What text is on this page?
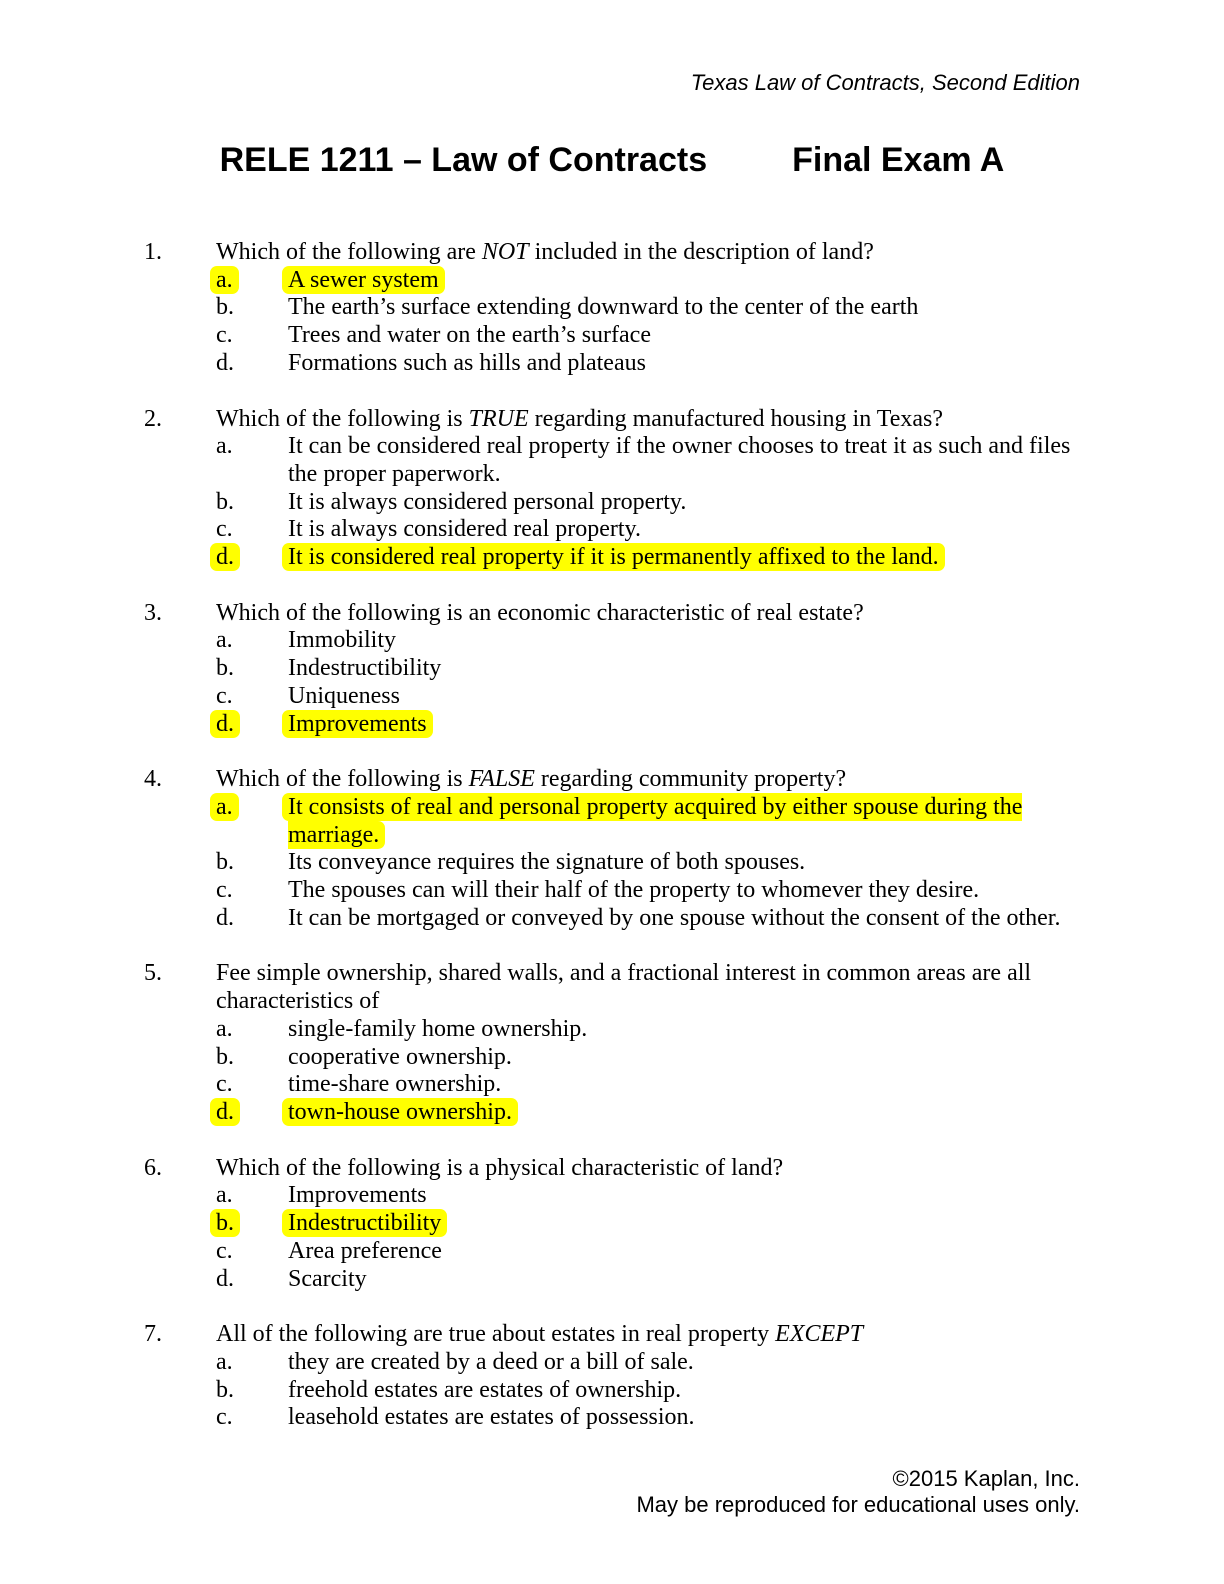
Texas Law of Contracts, Second Edition
RELE 1211 – Law of Contracts	Final Exam A
1.	Which of the following are NOT included in the description of land?
a.	A sewer system
b.	The earth’s surface extending downward to the center of the earth
c.	Trees and water on the earth’s surface
d.	Formations such as hills and plateaus
2.	Which of the following is TRUE regarding manufactured housing in Texas?
a.	It can be considered real property if the owner chooses to treat it as such and files the proper paperwork.
b.	It is always considered personal property.
c.	It is always considered real property.
d.	It is considered real property if it is permanently affixed to the land.
3.	Which of the following is an economic characteristic of real estate?
a.	Immobility
b.	Indestructibility
c.	Uniqueness
d.	Improvements
4.	Which of the following is FALSE regarding community property?
a.	It consists of real and personal property acquired by either spouse during the marriage.
b.	Its conveyance requires the signature of both spouses.
c.	The spouses can will their half of the property to whomever they desire.
d.	It can be mortgaged or conveyed by one spouse without the consent of the other.
5.	Fee simple ownership, shared walls, and a fractional interest in common areas are all characteristics of
a.	single-family home ownership.
b.	cooperative ownership.
c.	time-share ownership.
d.	town-house ownership.
6.	Which of the following is a physical characteristic of land?
a.	Improvements
b.	Indestructibility
c.	Area preference
d.	Scarcity
7.	All of the following are true about estates in real property EXCEPT
a.	they are created by a deed or a bill of sale.
b.	freehold estates are estates of ownership.
c.	leasehold estates are estates of possession.
©2015 Kaplan, Inc.
May be reproduced for educational uses only.
